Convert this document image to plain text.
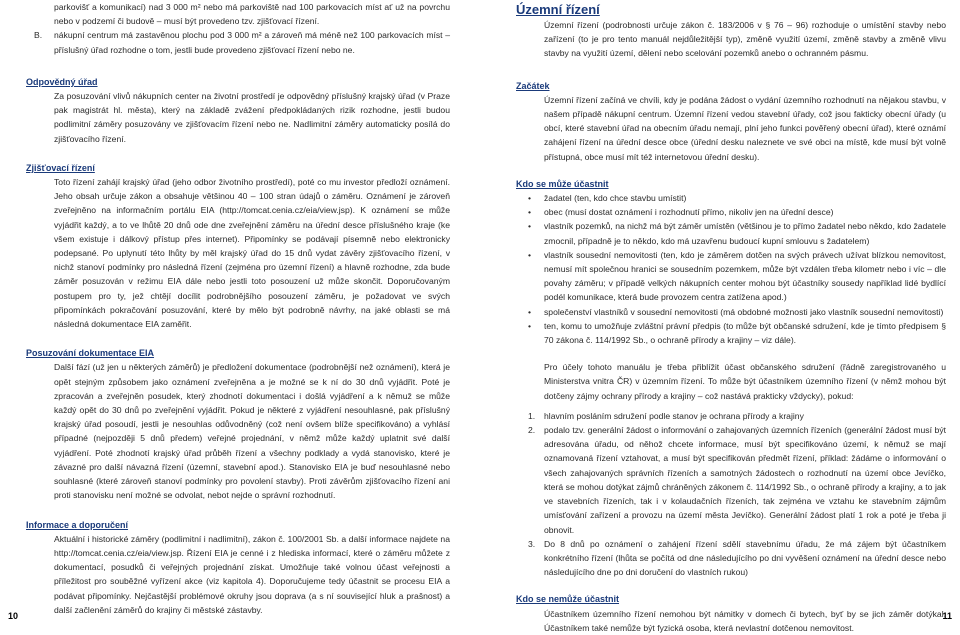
parkovišť a komunikací) nad 3 000 m² nebo má parkoviště nad 100 parkovacích míst ať už na povrchu nebo v podzemí či budově – musí být provedeno tzv. zjišťovací řízení.

B.	nákupní centrum má zastavěnou plochu pod 3 000 m² a zároveň má méně než 100 parkovacích míst – příslušný úřad rozhodne o tom, jestli bude provedeno zjišťovací řízení nebo ne.

Odpovědný úřad

Za posuzování vlivů nákupních center na životní prostředí je odpovědný příslušný krajský úřad (v Praze pak magistrát hl. města), který na základě zvážení předpokládaných rizik rozhodne, jestli budou podlimitní záměry posuzovány ve zjišťovacím řízení nebo ne. Nadlimitní záměry automaticky posílá do zjišťovacího řízení.

Zjišťovací řízení

Toto řízení zahájí krajský úřad (jeho odbor životního prostředí), poté co mu investor předloží oznámení. Jeho obsah určuje zákon a obsahuje většinou 40 – 100 stran údajů o záměru. Oznámení je zároveň zveřejněno na informačním portálu EIA (http://tomcat.cenia.cz/eia/view.jsp). K oznámení se může vyjádřit každý, a to ve lhůtě 20 dnů ode dne zveřejnění záměru na úřední desce příslušného kraje (ke všem existuje i dálkový přístup přes internet). Připomínky se podávají písemně nebo elektronicky podepsané. Po uplynutí této lhůty by měl krajský úřad do 15 dnů vydat závěry zjišťovacího řízení, v nichž stanoví podmínky pro následná řízení (zejména pro územní řízení) a hlavně rozhodne, zda bude záměr posuzován v režimu EIA dále nebo jestli toto posouzení už může skončit. Doporučovaným postupem pro ty, jež chtějí docílit podrobnějšího posouzení záměru, je požadovat ve svých připomínkách pokračování posuzování, které by mělo být podrobně návrhy, na jaké oblasti se má následná dokumentace EIA zaměřit.

Posuzování dokumentace EIA

Další fází (už jen u některých záměrů) je předložení dokumentace (podrobnější než oznámení), která je opět stejným způsobem jako oznámení zveřejněna a je možné se k ní do 30 dnů vyjádřit. Poté je zpracován a zveřejněn posudek, který zhodnotí dokumentaci i došlá vyjádření a k němuž se může každý opět do 30 dnů po zveřejnění vyjádřit. Pokud je některé z vyjádření nesouhlasné, pak příslušný krajský úřad posoudí, jestli je nesouhlas odůvodněný (což není ovšem blíže specifikováno) a vyhlásí případné (nejpozději 5 dnů předem) veřejné projednání, v němž může každý uplatnit své další vyjádření. Poté zhodnotí krajský úřad průběh řízení a všechny podklady a vydá stanovisko, které je závazné pro další návazná řízení (územní, stavební apod.). Stanovisko EIA je buď nesouhlasné nebo souhlasné (které zároveň stanoví podmínky pro povolení stavby). Proti závěrům zjišťovacího řízení ani proti stanovisku není možné se odvolat, nebot nejde o správní rozhodnutí.

Informace a doporučení

Aktuální i historické záměry (podlimitní i nadlimitní), zákon č. 100/2001 Sb. a další informace najdete na http://tomcat.cenia.cz/eia/view.jsp. Řízení EIA je cenné i z hlediska informací, které o záměru můžete z dokumentací, posudků či veřejných projednání získat. Umožňuje také volnou účast veřejnosti a příležitost pro souběžné vyřízení akce (viz kapitola 4). Doporučujeme tedy účastnit se procesu EIA a podávat připomínky. Nejčastější problémové okruhy jsou doprava (a s ní související hluk a prašnost) a další začlenění záměrů do krajiny či městské zástavby.

Územní řízení

Územní řízení (podrobnosti určuje zákon č. 183/2006 v § 76 – 96) rozhoduje o umístění stavby nebo zařízení (to je pro tento manuál nejdůležitější typ), změně využití území, změně stavby a změně vlivu stavby na využití území, dělení nebo scelování pozemků anebo o ochranném pásmu.

Začátek

Územní řízení začíná ve chvíli, kdy je podána žádost o vydání územního rozhodnutí na nějakou stavbu, v našem případě nákupní centrum. Územní řízení vedou stavební úřady, což jsou fakticky obecní úřady (u obcí, které stavební úřad na obecním úřadu nemají, plní jeho funkci pověřený obecní úřad), které oznámí zahájení řízení na úřední desce obce (úřední desku naleznete ve své obci na místě, kde musí být volně přístupná, obce musí mít též internetovou úřední desku).

Kdo se může účastnit

• žadatel (ten, kdo chce stavbu umístit)
• obec (musí dostat oznámení i rozhodnutí přímo, nikoliv jen na úřední desce)
• vlastník pozemků, na nichž má být záměr umístěn (většinou je to přímo žadatel nebo někdo, kdo žadatele zmocnil, případně je to někdo, kdo má uzavřenu budoucí kupní smlouvu s žadatelem)
• vlastník sousední nemovitosti (ten, kdo je záměrem dotčen na svých právech užívat blízkou nemovitost, nemusí mít společnou hranici se sousedním pozemkem, může být vzdálen třeba kilometr nebo i víc – dle povahy záměru; v případě velkých nákupních center mohou být účastníky sousedy například lidé bydlící podél komunikace, která bude provozem centra zatížena apod.)
• společenství vlastníků v sousední nemovitosti (má obdobné možnosti jako vlastník sousední nemovitosti)
• ten, komu to umožňuje zvláštní právní předpis (to může být občanské sdružení, kde je tímto předpisem § 70 zákona č. 114/1992 Sb., o ochraně přírody a krajiny – viz dále).

Pro účely tohoto manuálu je třeba přiblížit účast občanského sdružení (řádně zaregistrovaného u Ministerstva vnitra ČR) v územním řízení. To může být účastníkem územního řízení (v němž mohou být dotčeny zájmy ochrany přírody a krajiny – což nastává prakticky vždycky), pokud:

1. hlavním posláním sdružení podle stanov je ochrana přírody a krajiny
2. podalo tzv. generální žádost o informování o zahajovaných územních řízeních (generální žádost musí být adresována úřadu, od něhož chcete informace, musí být specifikováno území, k němuž se mají oznamovaná řízení vztahovat, a musí být specifikován předmět řízení, příklad: žádáme o informování o všech zahajovaných správních řízeních a samotných žádostech o rozhodnutí na území obce Jevíčko, která se mohou dotýkat zájmů chráněných zákonem č. 114/1992 Sb., o ochraně přírody a krajiny, a to jak ve stavebních řízeních, tak i v kolaudačních řízeních, tak zejména ve vztahu ke stavebním zájmům umísťování zařízení a provozu na území města Jevíčko). Generální žádost platí 1 rok a poté je třeba ji obnovit.
3. Do 8 dnů po oznámení o zahájení řízení sdělí stavebnímu úřadu, že má zájem být účastníkem konkrétního řízení (lhůta se počítá od dne následujícího po dni vyvěšení oznámení na úřední desce nebo následujícího dne po dni doručení do vlastních rukou)

Kdo se nemůže účastnit

Účastníkem územního řízení nemohou být námitky v domech či bytech, byť by se jich záměr dotýkal. Účastníkem také nemůže být fyzická osoba, která nevlastní dotčenou nemovitost.

10	11
